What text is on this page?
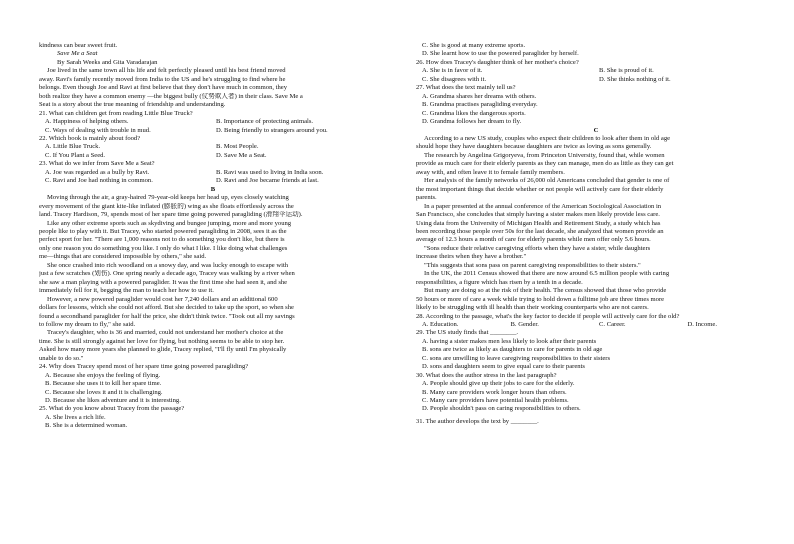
kindness can bear sweet fruit.
Save Me a Seat
By Sarah Weeks and Gita Varadarajan
Joe lived in the same town all his life and felt perfectly pleased until his best friend moved
away. Ravi's family recently moved from India to the US and he's struggling to find where he
belongs. Even though Joe and Ravi at first believe that they don't have much in common, they
both realize they have a common enemy —the biggest bully (仗势欺人者) in their class. Save Me a
Seat is a story about the true meaning of friendship and understanding.
21. What can children get from reading Little Blue Truck?
A. Happiness of helping others.	B. Importance of protecting animals.
C. Ways of dealing with trouble in mud.	D. Being friendly to strangers around you.
22. Which book is mainly about food?
A. Little Blue Truck.	B. Most People.
C. If You Plant a Seed.	D. Save Me a Seat.
23. What do we infer from Save Me a Seat?
A. Joe was regarded as a bully by Ravi.	B. Ravi was used to living in India soon.
C. Ravi and Joe had nothing in common.	D. Ravi and Joe became friends at last.
B
Moving through the air, a gray-haired 79-year-old keeps her head up, eyes closely watching
every movement of the giant kite-like inflated (膨胀的) wing as she floats effortlessly across the
land. Tracey Hardison, 79, spends most of her spare time going powered paragliding (滑翔伞运动).
Like any other extreme sports such as skydiving and bungee jumping, more and more young
people like to play with it. But Tracey, who started powered paragliding in 2008, sees it as the
perfect sport for her. "There are 1,000 reasons not to do something you don't like, but there is
only one reason you do something you like. I only do what I like. I like doing what challenges
me—things that are considered impossible by others," she said.
She once crashed into rich woodland on a snowy day, and was lucky enough to escape with
just a few scratches (划伤). One spring nearly a decade ago, Tracey was walking by a river when
she saw a man playing with a powered paraglider. It was the first time she had seen it, and she
immediately fell for it, begging the man to teach her how to use it.
However, a new powered paraglider would cost her 7,240 dollars and an additional 600
dollars for lessons, which she could not afford. But she decided to take up the sport, so when she
found a secondhand paraglider for half the price, she didn't think twice. "Took out all my savings
to follow my dream to fly," she said.
Tracey's daughter, who is 36 and married, could not understand her mother's choice at the
time. She is still strongly against her love for flying, but nothing seems to be able to stop her.
Asked how many more years she planned to glide, Tracey replied, "I'll fly until I'm physically
unable to do so."
24. Why does Tracey spend most of her spare time going powered paragliding?
A. Because she enjoys the feeling of flying.
B. Because she uses it to kill her spare time.
C. Because she loves it and it is challenging.
D. Because she likes adventure and it is interesting.
25. What do you know about Tracey from the passage?
A. She lives a rich life.
B. She is a determined woman.
C. She is good at many extreme sports.
D. She learnt how to use the powered paraglider by herself.
26. How does Tracey's daughter think of her mother's choice?
A. She is in favor of it.	B. She is proud of it.
C. She disagrees with it.	D. She thinks nothing of it.
27. What does the text mainly tell us?
A. Grandma shares her dreams with others.
B. Grandma practises paragliding everyday.
C. Grandma likes the dangerous sports.
D. Grandma follows her dream to fly.
C
According to a new US study, couples who expect their children to look after them in old age
should hope they have daughters because daughters are twice as loving as sons generally.
The research by Angelina Grigoryeva, from Princeton University, found that, while women
provide as much care for their elderly parents as they can manage, men do as little as they can get
away with, and often leave it to female family members.
Her analysis of the family networks of 26,000 old Americans concluded that gender is one of
the most important things that decide whether or not people will actively care for their elderly
parents.
In a paper presented at the annual conference of the American Sociological Association in
San Francisco, she concludes that simply having a sister makes men likely provide less care.
Using data from the University of Michigan Health and Retirement Study, a study which has
been recording those people over 50s for the last decade, she analyzed that women provide an
average of 12.3 hours a month of care for elderly parents while men offer only 5.6 hours.
"Sons reduce their relative caregiving efforts when they have a sister, while daughters
increase theirs when they have a brother."
"This suggests that sons pass on parent caregiving responsibilities to their sisters."
In the UK, the 2011 Census showed that there are now around 6.5 million people with caring
responsibilities, a figure which has risen by a tenth in a decade.
But many are doing so at the risk of their health. The census showed that those who provide
50 hours or more of care a week while trying to hold down a fulltime job are three times more
likely to be struggling with ill health than their working counterparts who are not carers.
28. According to the passage, what's the key factor to decide if people will actively care for the old?
A. Education.	B. Gender.	C. Career.	D. Income.
29. The US study finds that ________.
A. having a sister makes men less likely to look after their parents
B. sons are twice as likely as daughters to care for parents in old age
C. sons are unwilling to leave caregiving responsibilities to their sisters
D. sons and daughters seem to give equal care to their parents
30. What does the author stress in the last paragraph?
A. People should give up their jobs to care for the elderly.
B. Many care providers work longer hours than others.
C. Many care providers have potential health problems.
D. People shouldn't pass on caring responsibilities to others.
31. The author develops the text by ________.
